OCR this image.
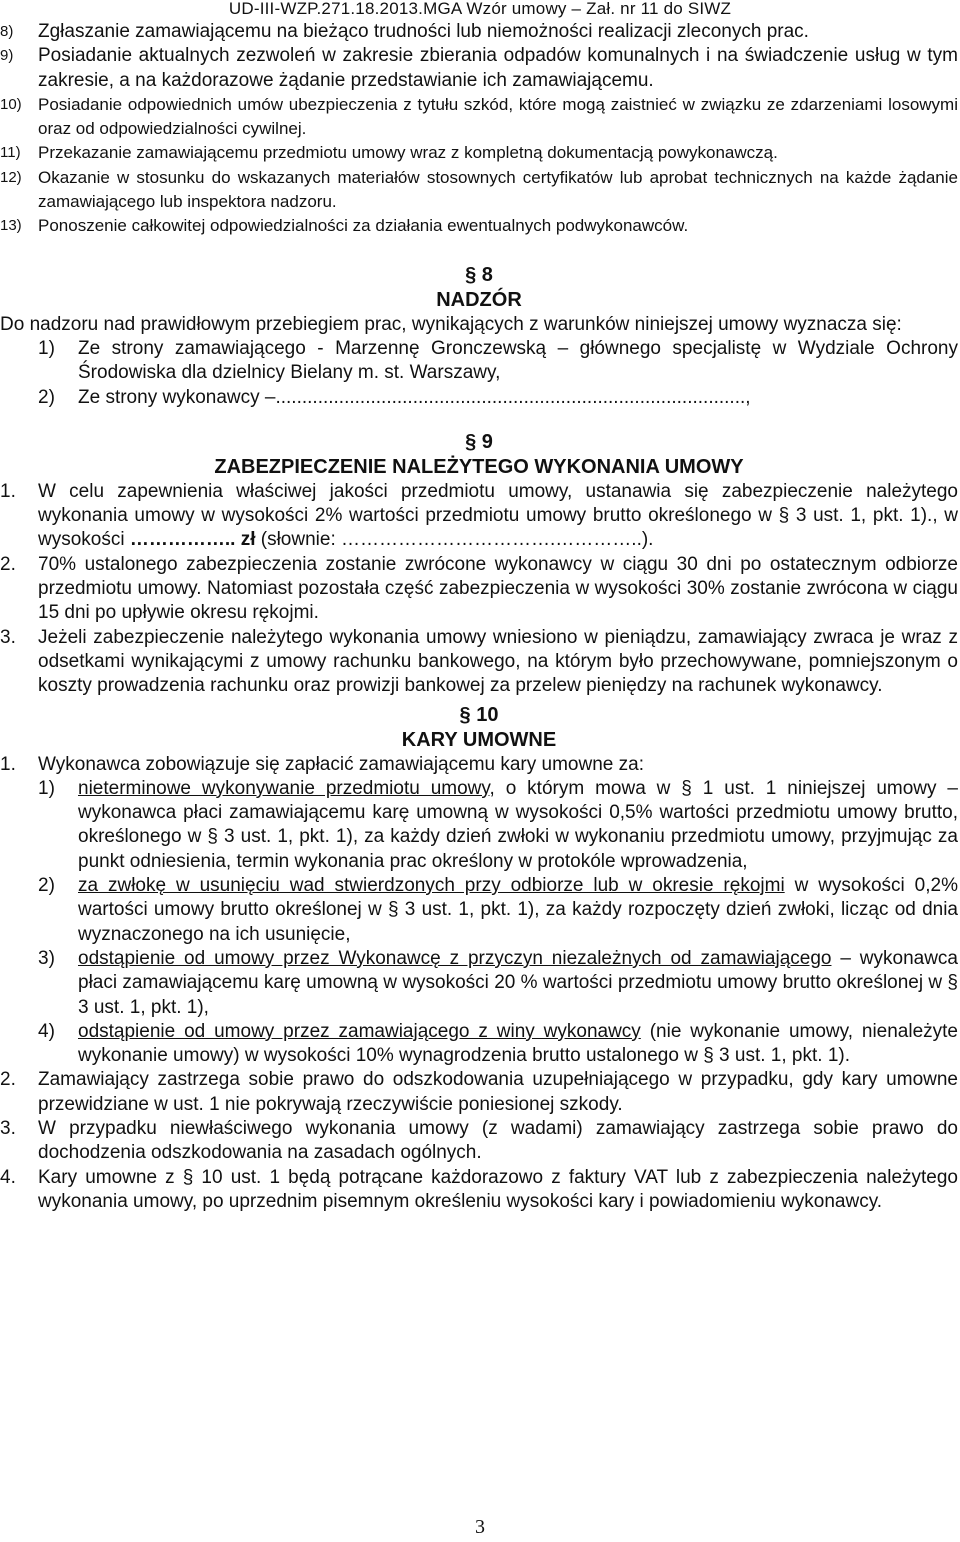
UD-III-WZP.271.18.2013.MGA Wzór umowy – Zał. nr 11 do SIWZ
8) Zgłaszanie zamawiającemu na bieżąco trudności lub niemożności realizacji zleconych prac.
9) Posiadanie aktualnych zezwoleń w zakresie zbierania odpadów komunalnych i na świadczenie usług w tym zakresie, a na każdorazowe żądanie przedstawianie ich zamawiającemu.
10) Posiadanie odpowiednich umów ubezpieczenia z tytułu szkód, które mogą zaistnieć w związku ze zdarzeniami losowymi oraz od odpowiedzialności cywilnej.
11) Przekazanie zamawiającemu przedmiotu umowy wraz z kompletną dokumentacją powykonawczą.
12) Okazanie w stosunku do wskazanych materiałów stosownych certyfikatów lub aprobat technicznych na każde żądanie zamawiającego lub inspektora nadzoru.
13) Ponoszenie całkowitej odpowiedzialności za działania ewentualnych podwykonawców.
§ 8
NADZÓR
Do nadzoru nad prawidłowym przebiegiem prac, wynikających z warunków niniejszej umowy wyznacza się:
1) Ze strony zamawiającego - Marzennę Gronczewską – głównego specjalistę w Wydziale Ochrony Środowiska dla dzielnicy Bielany m. st. Warszawy,
2) Ze strony wykonawcy –.........................................................................................,
§ 9
ZABEZPIECZENIE NALEŻYTEGO WYKONANIA UMOWY
1. W celu zapewnienia właściwej jakości przedmiotu umowy, ustanawia się zabezpieczenie należytego wykonania umowy w wysokości 2% wartości przedmiotu umowy brutto określonego w § 3 ust. 1, pkt. 1)., w wysokości …………….. zł (słownie: …………………………….…………..).
2. 70% ustalonego zabezpieczenia zostanie zwrócone wykonawcy w ciągu 30 dni po ostatecznym odbiorze przedmiotu umowy. Natomiast pozostała część zabezpieczenia w wysokości 30% zostanie zwrócona w ciągu 15 dni po upływie okresu rękojmi.
3. Jeżeli zabezpieczenie należytego wykonania umowy wniesiono w pieniądzu, zamawiający zwraca je wraz z odsetkami wynikającymi z umowy rachunku bankowego, na którym było przechowywane, pomniejszonym o koszty prowadzenia rachunku oraz prowizji bankowej za przelew pieniędzy na rachunek wykonawcy.
§ 10
KARY UMOWNE
1. Wykonawca zobowiązuje się zapłacić zamawiającemu kary umowne za:
1) nieterminowe wykonywanie przedmiotu umowy, o którym mowa w § 1 ust. 1 niniejszej umowy – wykonawca płaci zamawiającemu karę umowną w wysokości 0,5% wartości przedmiotu umowy brutto, określonego w § 3 ust. 1, pkt. 1), za każdy dzień zwłoki w wykonaniu przedmiotu umowy, przyjmując za punkt odniesienia, termin wykonania prac określony w protokóle wprowadzenia,
2) za zwłokę w usunięciu wad stwierdzonych przy odbiorze lub w okresie rękojmi w wysokości 0,2% wartości umowy brutto określonej w § 3 ust. 1, pkt. 1), za każdy rozpoczęty dzień zwłoki, licząc od dnia wyznaczonego na ich usunięcie,
3) odstąpienie od umowy przez Wykonawcę z przyczyn niezależnych od zamawiającego – wykonawca płaci zamawiającemu karę umowną w wysokości 20 % wartości przedmiotu umowy brutto określonej w § 3 ust. 1, pkt. 1),
4) odstąpienie od umowy przez zamawiającego z winy wykonawcy (nie wykonanie umowy, nienależyte wykonanie umowy) w wysokości 10% wynagrodzenia brutto ustalonego w § 3 ust. 1, pkt. 1).
2. Zamawiający zastrzega sobie prawo do odszkodowania uzupełniającego w przypadku, gdy kary umowne przewidziane w ust. 1 nie pokrywają rzeczywiście poniesionej szkody.
3. W przypadku niewłaściwego wykonania umowy (z wadami) zamawiający zastrzega sobie prawo do dochodzenia odszkodowania na zasadach ogólnych.
4. Kary umowne z § 10 ust. 1 będą potrącane każdorazowo z faktury VAT lub z zabezpieczenia należytego wykonania umowy, po uprzednim pisemnym określeniu wysokości kary i powiadomieniu wykonawcy.
3
